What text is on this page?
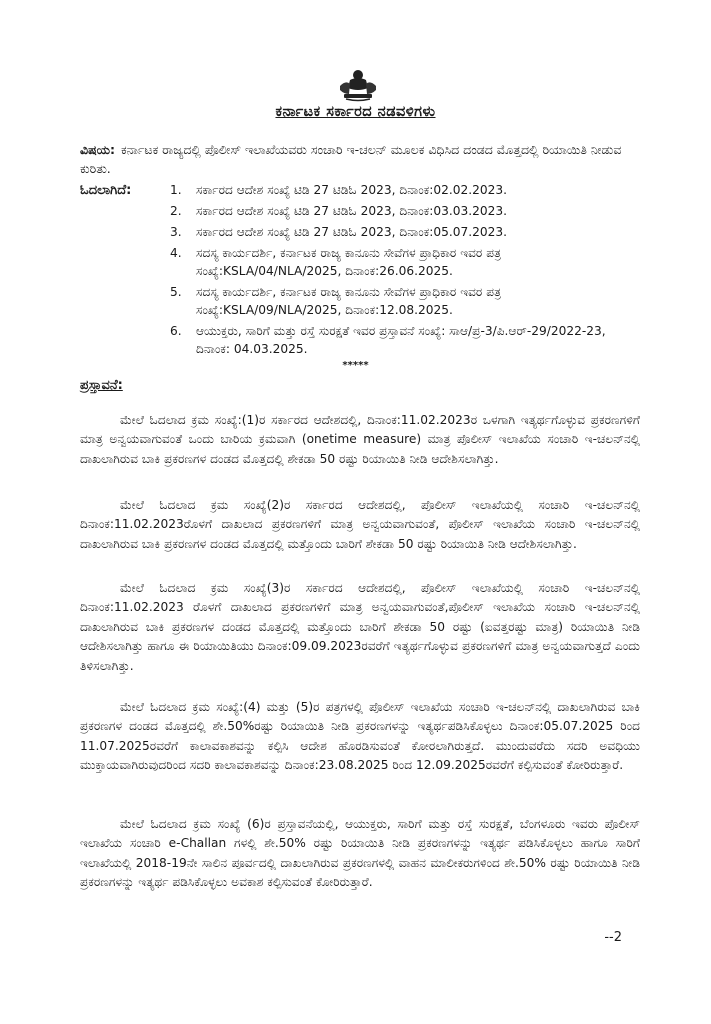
ಕರ್ನಾಟಕ ಸರ್ಕಾರದ ನಡವಳಿಗಳು
ವಿಷಯ: ಕರ್ನಾಟಕ ರಾಜ್ಯದಲ್ಲಿ ಪೊಲೀಸ್ ಇಲಾಖೆಯವರು ಸಂಚಾರಿ ಇ-ಚಲನ್ ಮೂಲಕ ವಿಧಿಸಿದ ದಂಡದ ಮೊತ್ತದಲ್ಲಿ ರಿಯಾಯಿತಿ ನೀಡುವ ಕುರಿತು.
ಓದಲಾಗಿದೆ:	1.	ಸರ್ಕಾರದ ಆದೇಶ ಸಂಖ್ಯೆ ಟಿಡಿ 27 ಟಿಡಿಓ 2023, ದಿನಾಂಕ:02.02.2023.
2.	ಸರ್ಕಾರದ ಆದೇಶ ಸಂಖ್ಯೆ ಟಿಡಿ 27 ಟಿಡಿಓ 2023, ದಿನಾಂಕ:03.03.2023.
3.	ಸರ್ಕಾರದ ಆದೇಶ ಸಂಖ್ಯೆ ಟಿಡಿ 27 ಟಿಡಿಓ 2023, ದಿನಾಂಕ:05.07.2023.
4.	ಸದಸ್ಯ ಕಾರ್ಯದರ್ಶಿ, ಕರ್ನಾಟಕ ರಾಜ್ಯ ಕಾನೂನು ಸೇವೆಗಳ ಪ್ರಾಧಿಕಾರ ಇವರ ಪತ್ರ ಸಂಖ್ಯೆ:KSLA/04/NLA/2025, ದಿನಾಂಕ:26.06.2025.
5.	ಸದಸ್ಯ ಕಾರ್ಯದರ್ಶಿ, ಕರ್ನಾಟಕ ರಾಜ್ಯ ಕಾನೂನು ಸೇವೆಗಳ ಪ್ರಾಧಿಕಾರ ಇವರ ಪತ್ರ ಸಂಖ್ಯೆ:KSLA/09/NLA/2025, ದಿನಾಂಕ:12.08.2025.
6.	ಆಯುಕ್ತರು, ಸಾರಿಗೆ ಮತ್ತು ರಸ್ತೆ ಸುರಕ್ಷತೆ ಇವರ ಪ್ರಸ್ತಾವನೆ ಸಂಖ್ಯೆ: ಸಾಆ/ಪ್ರ-3/ಪಿ.ಆರ್-29/2022-23, ದಿನಾಂಕ: 04.03.2025.
*****
ಪ್ರಸ್ತಾವನೆ:

ಮೇಲೆ ಓದಲಾದ ಕ್ರಮ ಸಂಖ್ಯೆ:(1)ರ ಸರ್ಕಾರದ ಆದೇಶದಲ್ಲಿ, ದಿನಾಂಕ:11.02.2023ರ ಒಳಗಾಗಿ ಇತ್ಯರ್ಥಗೊಳ್ಳುವ ಪ್ರಕರಣಗಳಿಗೆ ಮಾತ್ರ ಅನ್ವಯವಾಗುವಂತೆ ಒಂದು ಬಾರಿಯ ಕ್ರಮವಾಗಿ (onetime measure) ಮಾತ್ರ ಪೊಲೀಸ್ ಇಲಾಖೆಯ ಸಂಚಾರಿ ಇ-ಚಲನ್‌ನಲ್ಲಿ ದಾಖಲಾಗಿರುವ ಬಾಕಿ ಪ್ರಕರಣಗಳ ದಂಡದ ಮೊತ್ತದಲ್ಲಿ ಶೇಕಡಾ 50 ರಷ್ಟು ರಿಯಾಯಿತಿ ನೀಡಿ ಆದೇಶಿಸಲಾಗಿತ್ತು.

ಮೇಲೆ ಓದಲಾದ ಕ್ರಮ ಸಂಖ್ಯೆ(2)ರ ಸರ್ಕಾರದ ಆದೇಶದಲ್ಲಿ, ಪೊಲೀಸ್ ಇಲಾಖೆಯಲ್ಲಿ ಸಂಚಾರಿ ಇ-ಚಲನ್‌ನಲ್ಲಿ ದಿನಾಂಕ:11.02.2023ರೊಳಗೆ ದಾಖಲಾದ ಪ್ರಕರಣಗಳಿಗೆ ಮಾತ್ರ ಅನ್ವಯವಾಗುವಂತೆ, ಪೊಲೀಸ್ ಇಲಾಖೆಯ ಸಂಚಾರಿ ಇ-ಚಲನ್‌ನಲ್ಲಿ ದಾಖಲಾಗಿರುವ ಬಾಕಿ ಪ್ರಕರಣಗಳ ದಂಡದ ಮೊತ್ತದಲ್ಲಿ ಮತ್ತೊಂದು ಬಾರಿಗೆ ಶೇಕಡಾ 50 ರಷ್ಟು ರಿಯಾಯಿತಿ ನೀಡಿ ಆದೇಶಿಸಲಾಗಿತ್ತು.

ಮೇಲೆ ಓದಲಾದ ಕ್ರಮ ಸಂಖ್ಯೆ(3)ರ ಸರ್ಕಾರದ ಆದೇಶದಲ್ಲಿ, ಪೊಲೀಸ್ ಇಲಾಖೆಯಲ್ಲಿ ಸಂಚಾರಿ ಇ-ಚಲನ್‌ನಲ್ಲಿ ದಿನಾಂಕ:11.02.2023 ರೊಳಗೆ ದಾಖಲಾದ ಪ್ರಕರಣಗಳಿಗೆ ಮಾತ್ರ ಅನ್ವಯವಾಗುವಂತೆ,ಪೊಲೀಸ್ ಇಲಾಖೆಯ ಸಂಚಾರಿ ಇ-ಚಲನ್‌ನಲ್ಲಿ ದಾಖಲಾಗಿರುವ ಬಾಕಿ ಪ್ರಕರಣಗಳ ದಂಡದ ಮೊತ್ತದಲ್ಲಿ ಮತ್ತೊಂದು ಬಾರಿಗೆ ಶೇಕಡಾ 50 ರಷ್ಟು (ಐವತ್ತರಷ್ಟು ಮಾತ್ರ) ರಿಯಾಯಿತಿ ನೀಡಿ ಆದೇಶಿಸಲಾಗಿತ್ತು ಹಾಗೂ ಈ ರಿಯಾಯಿತಿಯು ದಿನಾಂಕ:09.09.2023ರವರೆಗೆ ಇತ್ಯರ್ಥಗೊಳ್ಳುವ ಪ್ರಕರಣಗಳಿಗೆ ಮಾತ್ರ ಅನ್ವಯವಾಗುತ್ತದೆ ಎಂದು ತಿಳಿಸಲಾಗಿತ್ತು.

ಮೇಲೆ ಓದಲಾದ ಕ್ರಮ ಸಂಖ್ಯೆ:(4) ಮತ್ತು (5)ರ ಪತ್ರಗಳಲ್ಲಿ ಪೊಲೀಸ್ ಇಲಾಖೆಯ ಸಂಚಾರಿ ಇ-ಚಲನ್‌ನಲ್ಲಿ ದಾಖಲಾಗಿರುವ ಬಾಕಿ ಪ್ರಕರಣಗಳ ದಂಡದ ಮೊತ್ತದಲ್ಲಿ ಶೇ.50%ರಷ್ಟು ರಿಯಾಯಿತಿ ನೀಡಿ ಪ್ರಕರಣಗಳನ್ನು ಇತ್ಯರ್ಥಪಡಿಸಿಕೊಳ್ಳಲು ದಿನಾಂಕ:05.07.2025 ರಿಂದ 11.07.2025ರವರೆಗೆ ಕಾಲಾವಕಾಶವನ್ನು ಕಲ್ಪಿಸಿ ಆದೇಶ ಹೊರಡಿಸುವಂತೆ ಕೋರಲಾಗಿರುತ್ತದೆ. ಮುಂದುವರೆದು ಸದರಿ ಅವಧಿಯು ಮುಕ್ತಾಯವಾಗಿರುವುದರಿಂದ ಸದರಿ ಕಾಲಾವಕಾಶವನ್ನು ದಿನಾಂಕ:23.08.2025 ರಿಂದ 12.09.2025ರವರೆಗೆ ಕಲ್ಪಿಸುವಂತೆ ಕೋರಿರುತ್ತಾರೆ.

ಮೇಲೆ ಓದಲಾದ ಕ್ರಮ ಸಂಖ್ಯೆ (6)ರ ಪ್ರಸ್ತಾವನೆಯಲ್ಲಿ, ಆಯುಕ್ತರು, ಸಾರಿಗೆ ಮತ್ತು ರಸ್ತೆ ಸುರಕ್ಷತೆ, ಬೆಂಗಳೂರು ಇವರು ಪೊಲೀಸ್ ಇಲಾಖೆಯ ಸಂಚಾರಿ e-Challan ಗಳಲ್ಲಿ ಶೇ.50% ರಷ್ಟು ರಿಯಾಯಿತಿ ನೀಡಿ ಪ್ರಕರಣಗಳನ್ನು ಇತ್ಯರ್ಥ ಪಡಿಸಿಕೊಳ್ಳಲು ಹಾಗೂ ಸಾರಿಗೆ ಇಲಾಖೆಯಲ್ಲಿ 2018-19ನೇ ಸಾಲಿನ ಪೂರ್ವದಲ್ಲಿ ದಾಖಲಾಗಿರುವ ಪ್ರಕರಣಗಳಲ್ಲಿ ವಾಹನ ಮಾಲೀಕರುಗಳಿಂದ ಶೇ.50% ರಷ್ಟು ರಿಯಾಯಿತಿ ನೀಡಿ ಪ್ರಕರಣಗಳನ್ನು ಇತ್ಯರ್ಥ ಪಡಿಸಿಕೊಳ್ಳಲು ಅವಕಾಶ ಕಲ್ಪಿಸುವಂತೆ ಕೋರಿರುತ್ತಾರೆ.

--2
